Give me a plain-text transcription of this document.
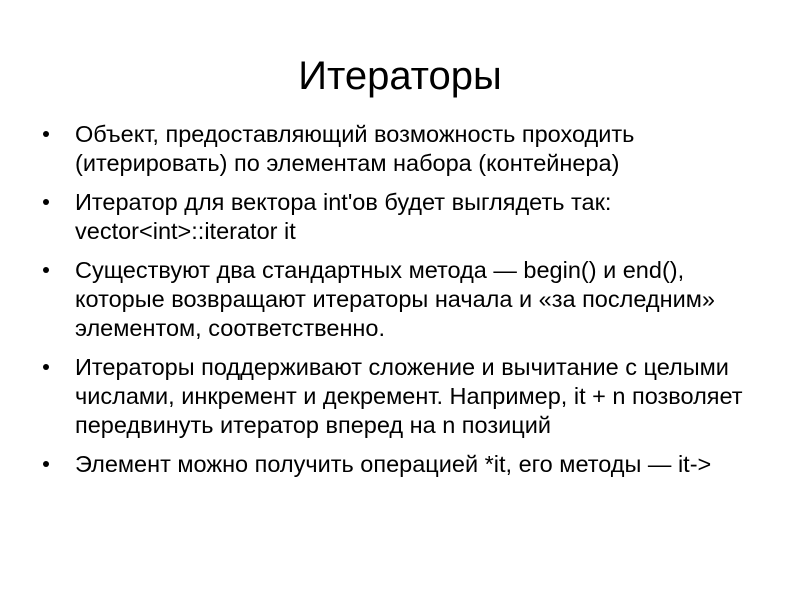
Итераторы
Объект, предоставляющий возможность проходить (итерировать) по элементам набора (контейнера)
Итератор для вектора int'ов будет выглядеть так: vector<int>::iterator it
Существуют два стандартных метода — begin() и end(), которые возвращают итераторы начала и «за последним» элементом, соответственно.
Итераторы поддерживают сложение и вычитание с целыми числами, инкремент и декремент. Например, it + n позволяет передвинуть итератор вперед на n позиций
Элемент можно получить операцией *it, его методы — it->
